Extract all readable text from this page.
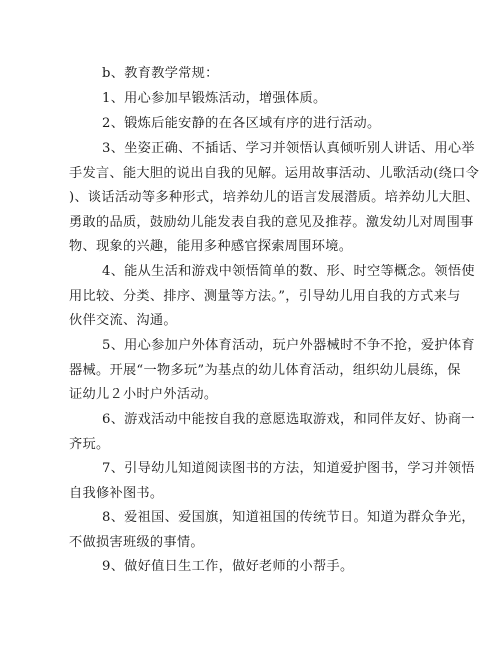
b、教育教学常规：

1、用心参加早锻炼活动，增强体质。

2、锻炼后能安静的在各区域有序的进行活动。

3、坐姿正确、不插话、学习并领悟认真倾听别人讲话、用心举
手发言、能大胆的说出自我的见解。运用故事活动、儿歌活动(绕口令
)、谈话活动等多种形式，培养幼儿的语言发展潜质。培养幼儿大胆、
勇敢的品质，鼓励幼儿能发表自我的意见及推荐。激发幼儿对周围事
物、现象的兴趣，能用多种感官探索周围环境。

4、能从生活和游戏中领悟简单的数、形、时空等概念。领悟使
用比较、分类、排序、测量等方法。”，引导幼儿用自我的方式来与
伙伴交流、沟通。

5、用心参加户外体育活动，玩户外器械时不争不抢，爱护体育
器械。开展“一物多玩”为基点的幼儿体育活动，组织幼儿晨练，保
证幼儿２小时户外活动。

6、游戏活动中能按自我的意愿选取游戏，和同伴友好、协商一
齐玩。

7、引导幼儿知道阅读图书的方法，知道爱护图书，学习并领悟
自我修补图书。

8、爱祖国、爱国旗，知道祖国的传统节日。知道为群众争光，
不做损害班级的事情。

9、做好值日生工作，做好老师的小帮手。
